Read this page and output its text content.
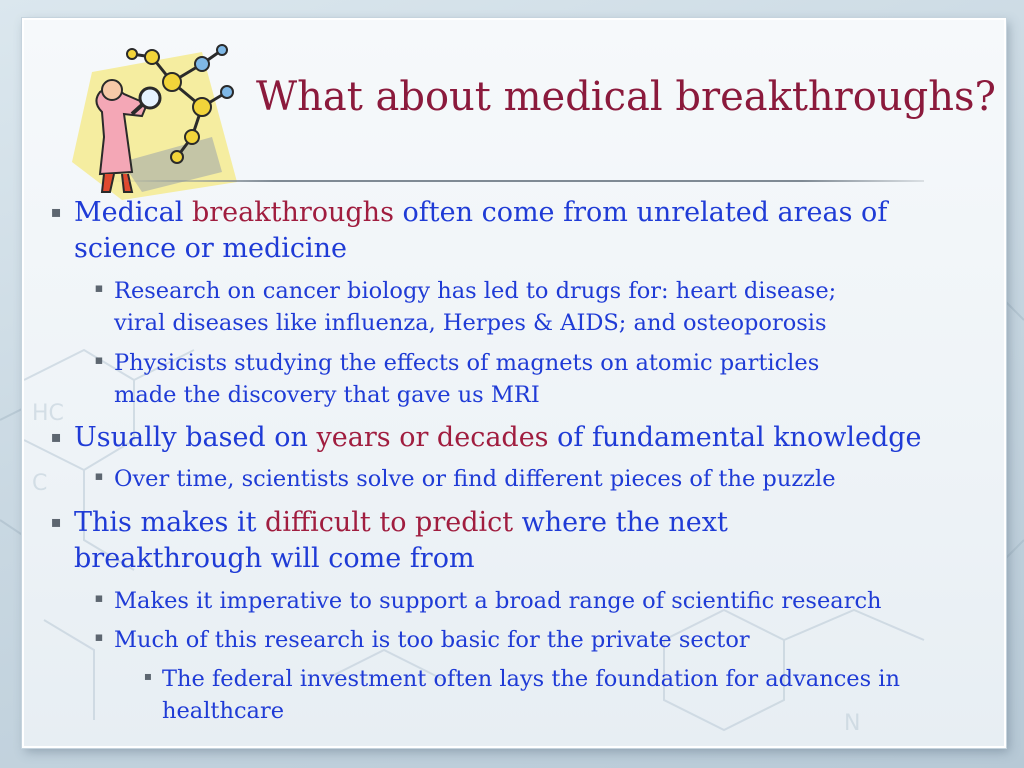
HC
C
N
What about medical breakthroughs?
▪ Medical breakthroughs often come from unrelated areas of
science or medicine
▪ Research on cancer biology has led to drugs for: heart disease;
viral diseases like influenza, Herpes & AIDS; and osteoporosis
▪ Physicists studying the effects of magnets on atomic particles
made the discovery that gave us MRI
▪ Usually based on years or decades of fundamental knowledge
▪ Over time, scientists solve or find different pieces of the puzzle
▪ This makes it difficult to predict where the next
breakthrough will come from
▪ Makes it imperative to support a broad range of scientific research
▪ Much of this research is too basic for the private sector
▪ The federal investment often lays the foundation for advances in
healthcare
